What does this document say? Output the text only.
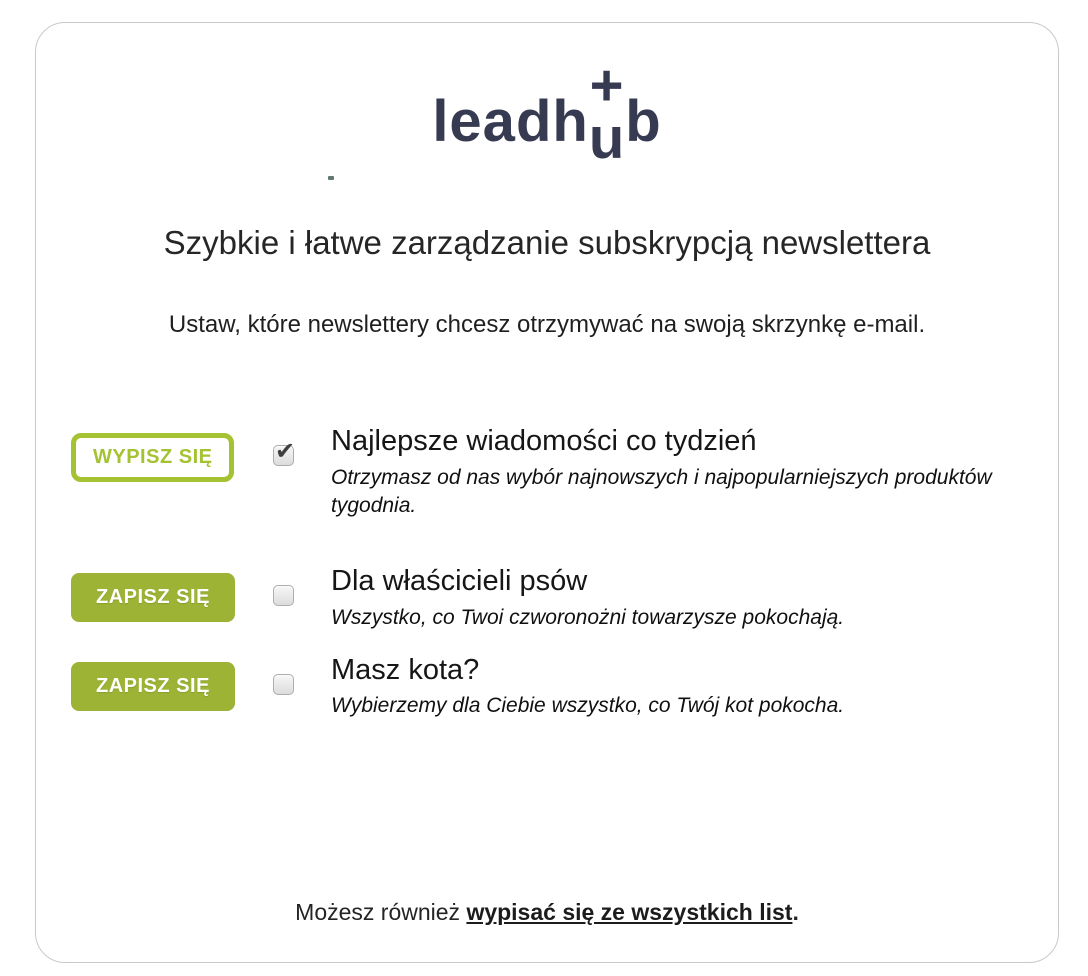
leadh
+
ub
Szybkie i łatwe zarządzanie subskrypcją newslettera
Ustaw, które newslettery chcesz otrzymywać na swoją skrzynkę e-mail.
WYPISZ SIĘ	✔ Najlepsze wiadomości co tydzień
Otrzymasz od nas wybór najnowszych i najpopularniejszych produktów tygodnia.
ZAPISZ SIĘ	Dla właścicieli psów
Wszystko, co Twoi czworonożni towarzysze pokochają.
ZAPISZ SIĘ	Masz kota?
Wybierzemy dla Ciebie wszystko, co Twój kot pokocha.
Możesz również wypisać się ze wszystkich list.
